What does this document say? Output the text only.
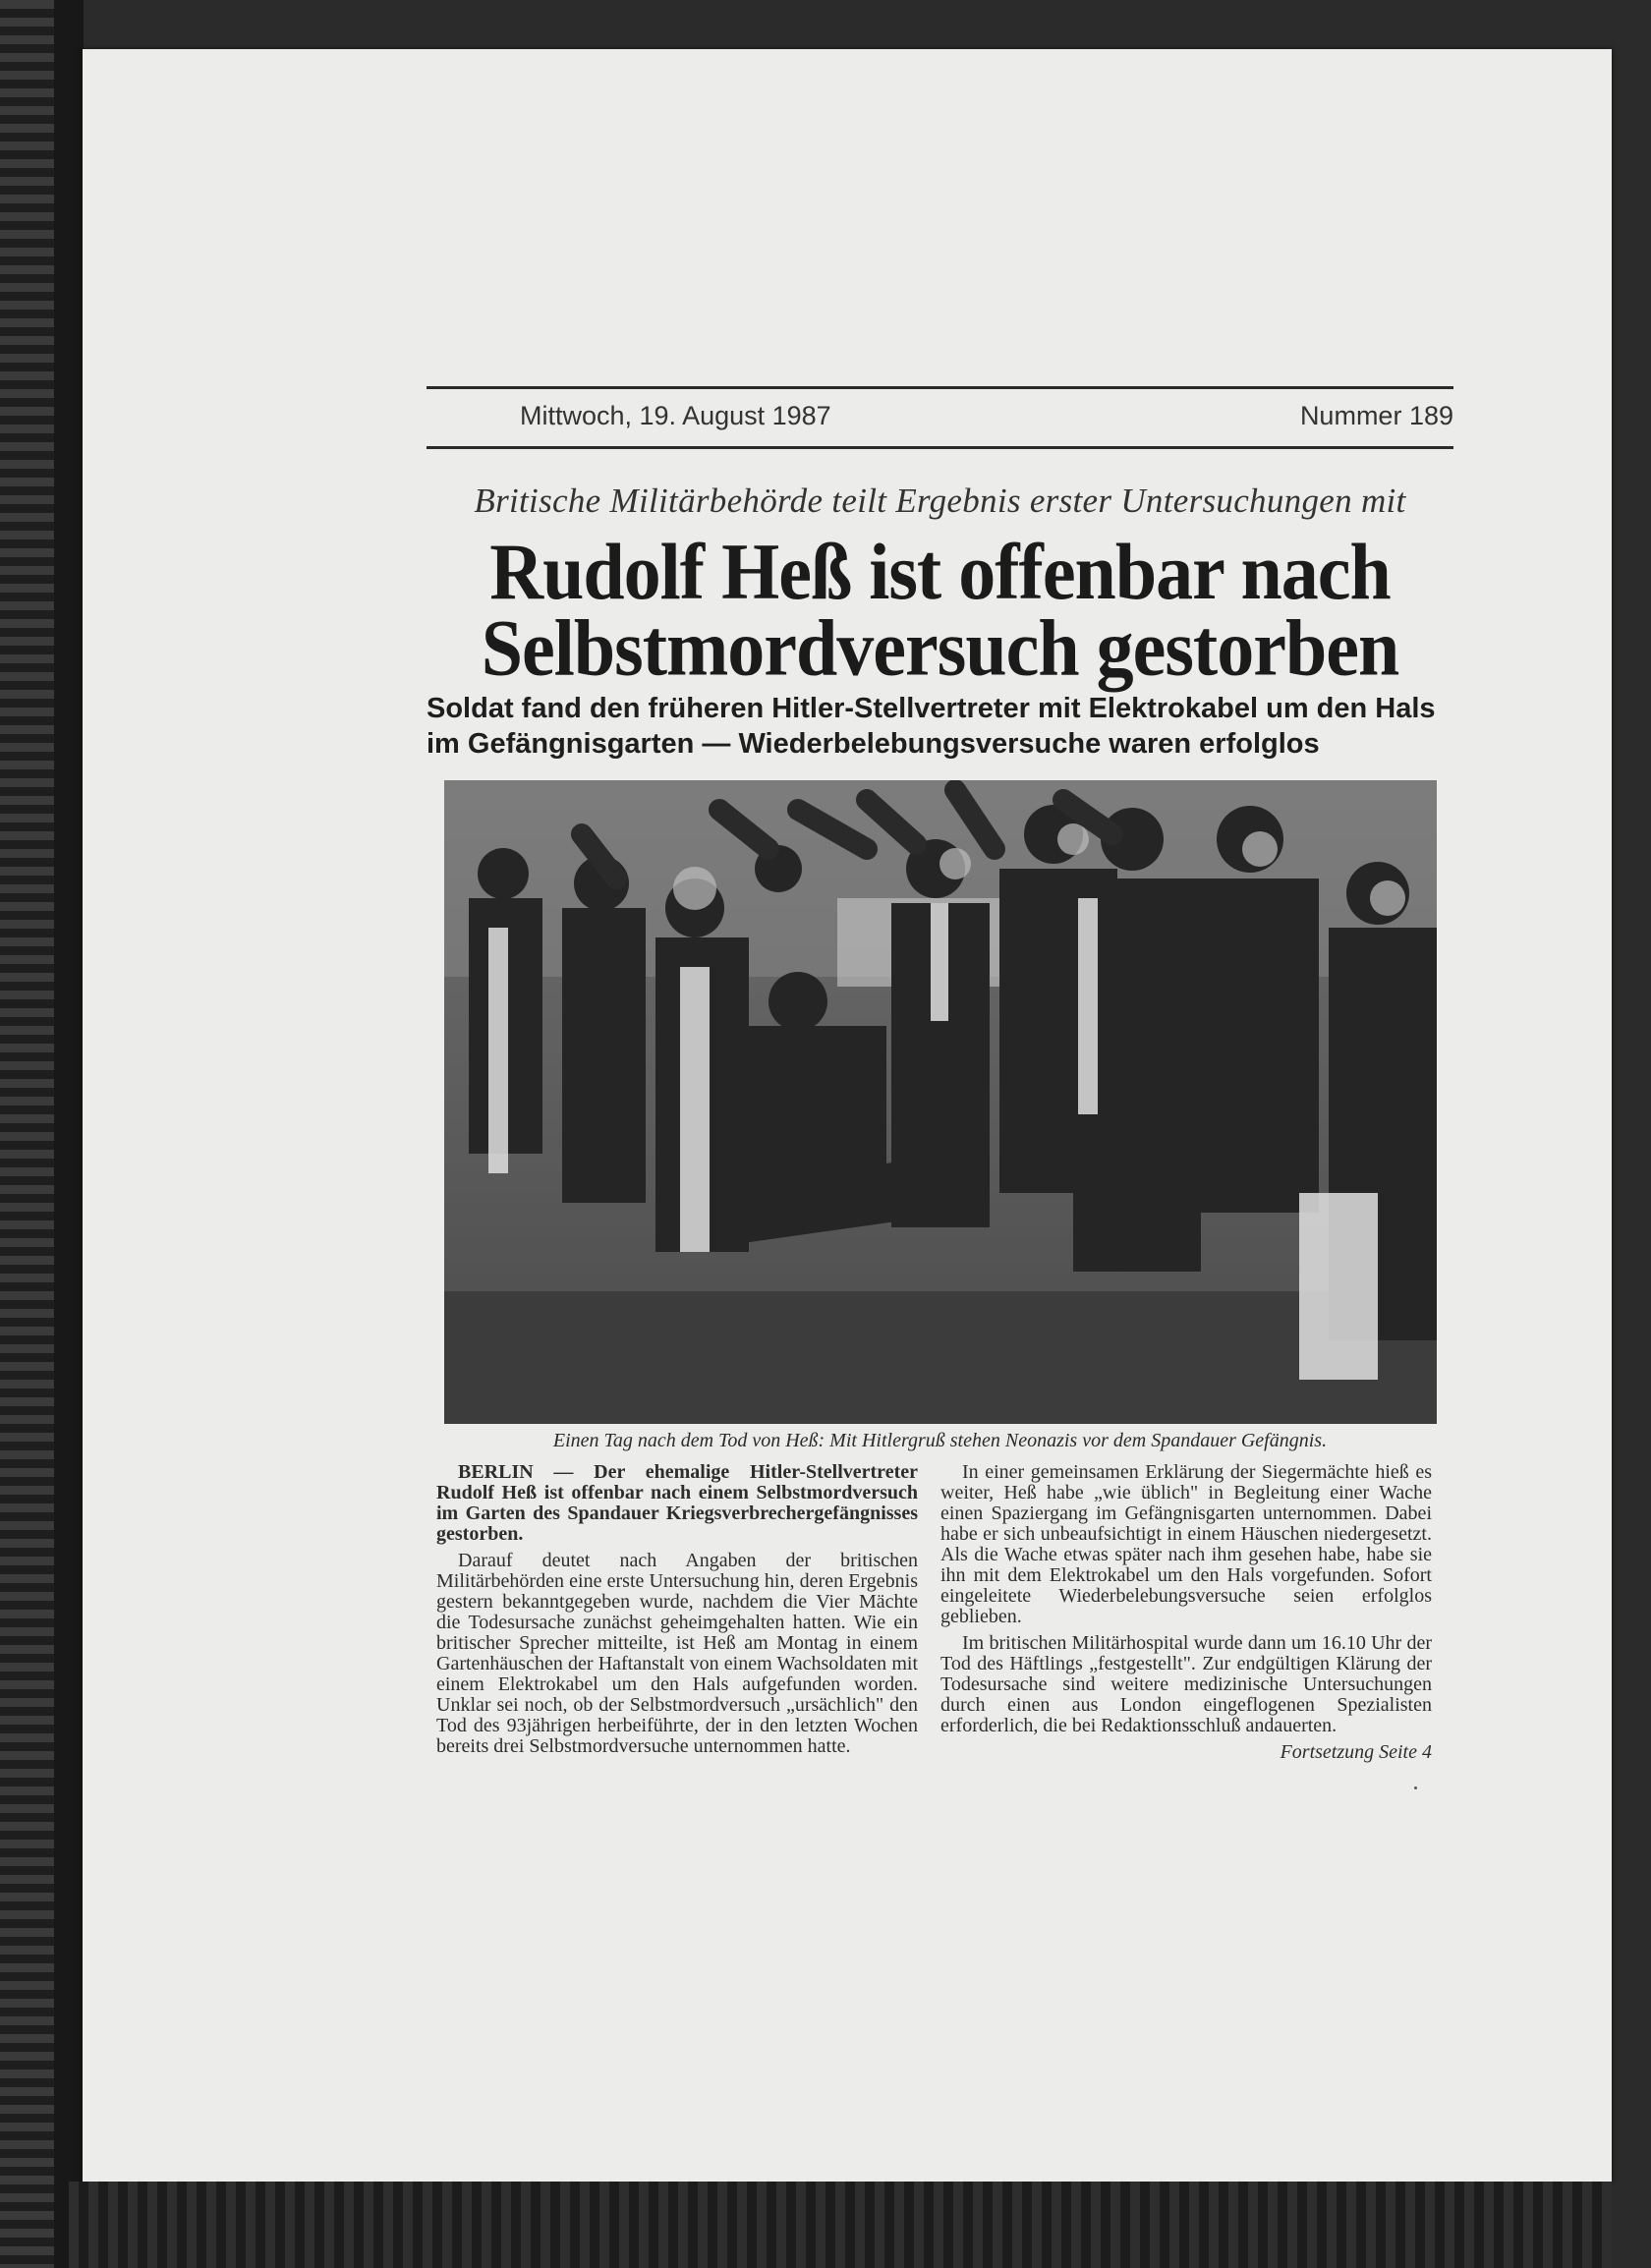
Mittwoch, 19. August 1987	Nummer 189
Britische Militärbehörde teilt Ergebnis erster Untersuchungen mit
Rudolf Heß ist offenbar nach
Selbstmordversuch gestorben
Soldat fand den früheren Hitler-Stellvertreter mit Elektrokabel um den Hals im Gefängnisgarten — Wiederbelebungsversuche waren erfolglos
Einen Tag nach dem Tod von Heß: Mit Hitlergruß stehen Neonazis vor dem Spandauer Gefängnis.

BERLIN — Der ehemalige Hitler-Stellvertreter Rudolf Heß ist offenbar nach einem Selbstmordversuch im Garten des Spandauer Kriegsverbrechergefängnisses gestorben.

Darauf deutet nach Angaben der britischen Militärbehörden eine erste Untersuchung hin, deren Ergebnis gestern bekanntgegeben wurde, nachdem die Vier Mächte die Todesursache zunächst geheimgehalten hatten. Wie ein britischer Sprecher mitteilte, ist Heß am Montag in einem Gartenhäuschen der Haftanstalt von einem Wachsoldaten mit einem Elektrokabel um den Hals aufgefunden worden. Unklar sei noch, ob der Selbstmordversuch „ursächlich" den Tod des 93jährigen herbeiführte, der in den letzten Wochen bereits drei Selbstmordversuche unternommen hatte.

In einer gemeinsamen Erklärung der Siegermächte hieß es weiter, Heß habe „wie üblich" in Begleitung einer Wache einen Spaziergang im Gefängnisgarten unternommen. Dabei habe er sich unbeaufsichtigt in einem Häuschen niedergesetzt. Als die Wache etwas später nach ihm gesehen habe, habe sie ihn mit dem Elektrokabel um den Hals vorgefunden. Sofort eingeleitete Wiederbelebungsversuche seien erfolglos geblieben.

Im britischen Militärhospital wurde dann um 16.10 Uhr der Tod des Häftlings „festgestellt". Zur endgültigen Klärung der Todesursache sind weitere medizinische Untersuchungen durch einen aus London eingeflogenen Spezialisten erforderlich, die bei Redaktionsschluß andauerten.

Fortsetzung Seite 4
